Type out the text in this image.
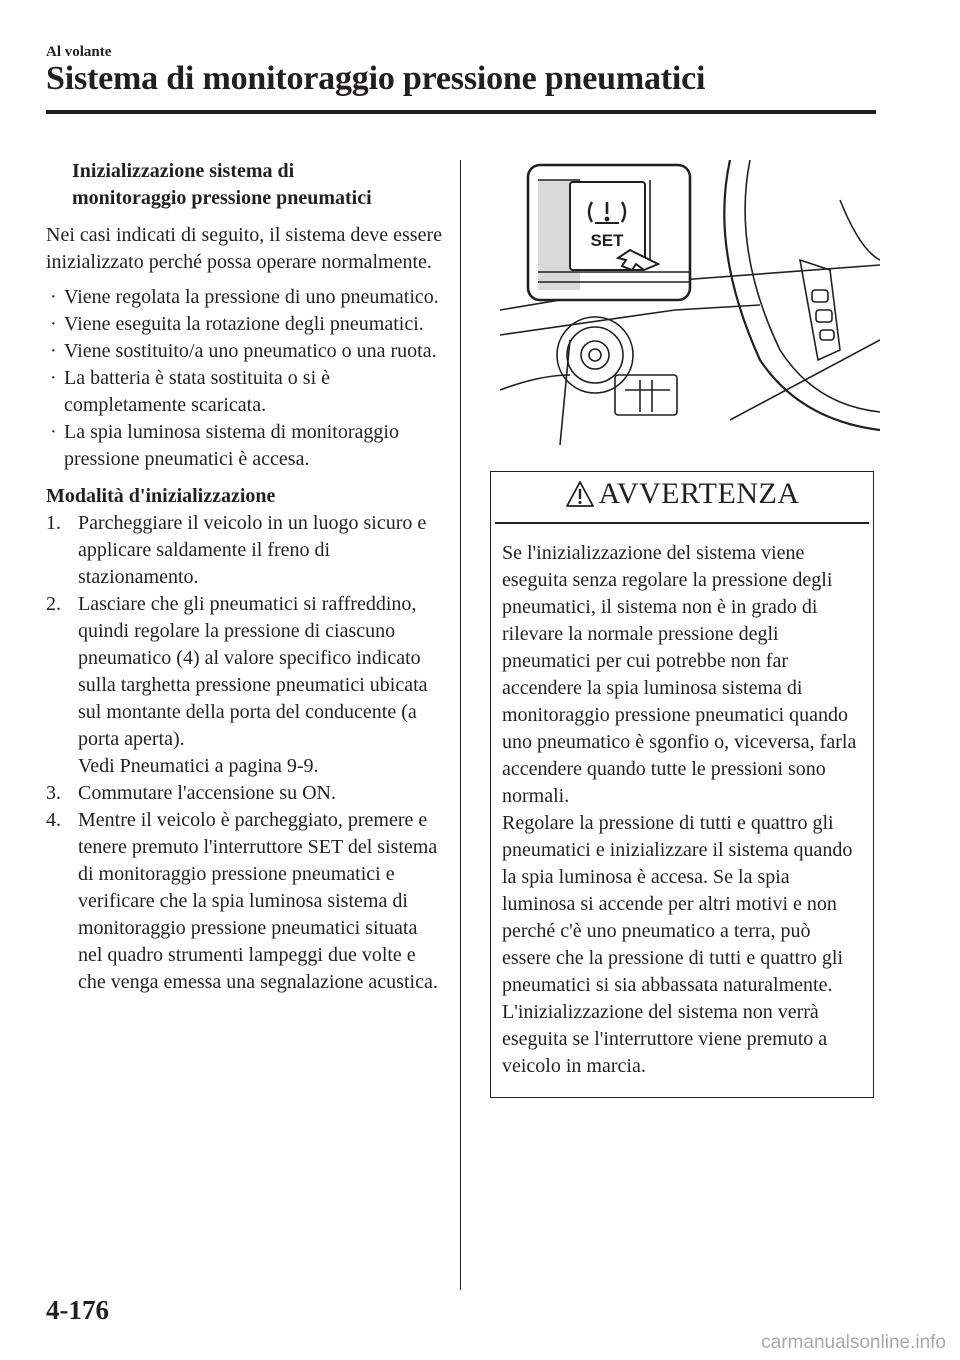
Al volante
Sistema di monitoraggio pressione pneumatici
Inizializzazione sistema di
monitoraggio pressione pneumatici

Nei casi indicati di seguito, il sistema deve essere inizializzato perché possa operare normalmente.

· Viene regolata la pressione di uno pneumatico.
· Viene eseguita la rotazione degli pneumatici.
· Viene sostituito/a uno pneumatico o una ruota.
· La batteria è stata sostituita o si è completamente scaricata.
· La spia luminosa sistema di monitoraggio pressione pneumatici è accesa.
Modalità d'inizializzazione
1. Parcheggiare il veicolo in un luogo sicuro e applicare saldamente il freno di stazionamento.
2. Lasciare che gli pneumatici si raffreddino, quindi regolare la pressione di ciascuno pneumatico (4) al valore specifico indicato sulla targhetta pressione pneumatici ubicata sul montante della porta del conducente (a porta aperta).
Vedi Pneumatici a pagina 9-9.
3. Commutare l'accensione su ON.
4. Mentre il veicolo è parcheggiato, premere e tenere premuto l'interruttore SET del sistema di monitoraggio pressione pneumatici e verificare che la spia luminosa sistema di monitoraggio pressione pneumatici situata nel quadro strumenti lampeggi due volte e che venga emessa una segnalazione acustica.
SET
AVVERTENZA

Se l'inizializzazione del sistema viene eseguita senza regolare la pressione degli pneumatici, il sistema non è in grado di rilevare la normale pressione degli pneumatici per cui potrebbe non far accendere la spia luminosa sistema di monitoraggio pressione pneumatici quando uno pneumatico è sgonfio o, viceversa, farla accendere quando tutte le pressioni sono normali.

Regolare la pressione di tutti e quattro gli pneumatici e inizializzare il sistema quando la spia luminosa è accesa. Se la spia luminosa si accende per altri motivi e non perché c'è uno pneumatico a terra, può essere che la pressione di tutti e quattro gli pneumatici si sia abbassata naturalmente.

L'inizializzazione del sistema non verrà eseguita se l'interruttore viene premuto a veicolo in marcia.

4-176
carmanualsonline.info
